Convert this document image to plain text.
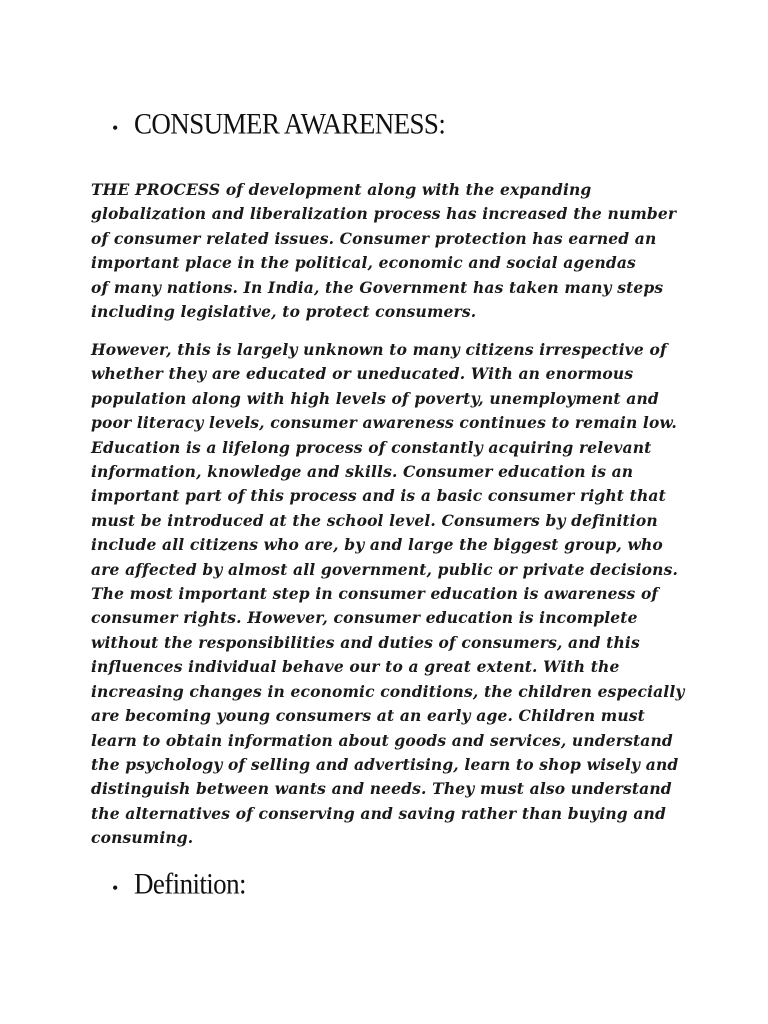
• CONSUMER AWARENESS:

THE PROCESS of development along with the expanding
globalization and liberalization process has increased the number
of consumer related issues. Consumer protection has earned an
important place in the political, economic and social agendas
of many nations. In India, the Government has taken many steps
including legislative, to protect consumers.

However, this is largely unknown to many citizens irrespective of
whether they are educated or uneducated. With an enormous
population along with high levels of poverty, unemployment and
poor literacy levels, consumer awareness continues to remain low.
Education is a lifelong process of constantly acquiring relevant
information, knowledge and skills. Consumer education is an
important part of this process and is a basic consumer right that
must be introduced at the school level. Consumers by definition
include all citizens who are, by and large the biggest group, who
are affected by almost all government, public or private decisions.
The most important step in consumer education is awareness of
consumer rights. However, consumer education is incomplete
without the responsibilities and duties of consumers, and this
influences individual behave our to a great extent. With the
increasing changes in economic conditions, the children especially
are becoming young consumers at an early age. Children must
learn to obtain information about goods and services, understand
the psychology of selling and advertising, learn to shop wisely and
distinguish between wants and needs. They must also understand
the alternatives of conserving and saving rather than buying and
consuming.

• Definition:
